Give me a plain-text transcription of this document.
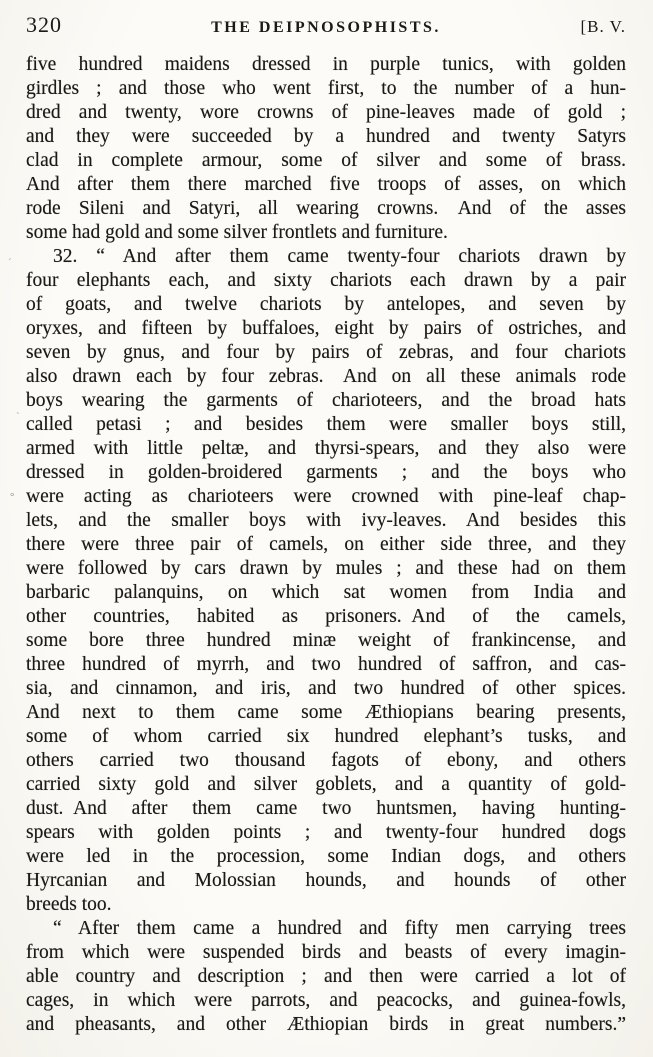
320	THE DEIPNOSOPHISTS.	[B. V.
five hundred maidens dressed in purple tunics, with golden
girdles ; and those who went first, to the number of a hun-
dred and twenty, wore crowns of pine-leaves made of gold ;
and they were succeeded by a hundred and twenty Satyrs
clad in complete armour, some of silver and some of brass.
And after them there marched five troops of asses, on which
rode Sileni and Satyri, all wearing crowns. And of the asses
some had gold and some silver frontlets and furniture.
32. “ And after them came twenty-four chariots drawn by
four elephants each, and sixty chariots each drawn by a pair
of goats, and twelve chariots by antelopes, and seven by
oryxes, and fifteen by buffaloes, eight by pairs of ostriches, and
seven by gnus, and four by pairs of zebras, and four chariots
also drawn each by four zebras. And on all these animals rode
boys wearing the garments of charioteers, and the broad hats
called petasi ; and besides them were smaller boys still,
armed with little peltæ, and thyrsi-spears, and they also were
dressed in golden-broidered garments ; and the boys who
were acting as charioteers were crowned with pine-leaf chap-
lets, and the smaller boys with ivy-leaves. And besides this
there were three pair of camels, on either side three, and they
were followed by cars drawn by mules ; and these had on them
barbaric palanquins, on which sat women from India and
other countries, habited as prisoners. And of the camels,
some bore three hundred minæ weight of frankincense, and
three hundred of myrrh, and two hundred of saffron, and cas-
sia, and cinnamon, and iris, and two hundred of other spices.
And next to them came some Æthiopians bearing presents,
some of whom carried six hundred elephant’s tusks, and
others carried two thousand fagots of ebony, and others
carried sixty gold and silver goblets, and a quantity of gold-
dust. And after them came two huntsmen, having hunting-
spears with golden points ; and twenty-four hundred dogs
were led in the procession, some Indian dogs, and others
Hyrcanian and Molossian hounds, and hounds of other
breeds too.
“ After them came a hundred and fifty men carrying trees
from which were suspended birds and beasts of every imagin-
able country and description ; and then were carried a lot of
cages, in which were parrots, and peacocks, and guinea-fowls,
and pheasants, and other Æthiopian birds in great numbers.”
´
`
°
